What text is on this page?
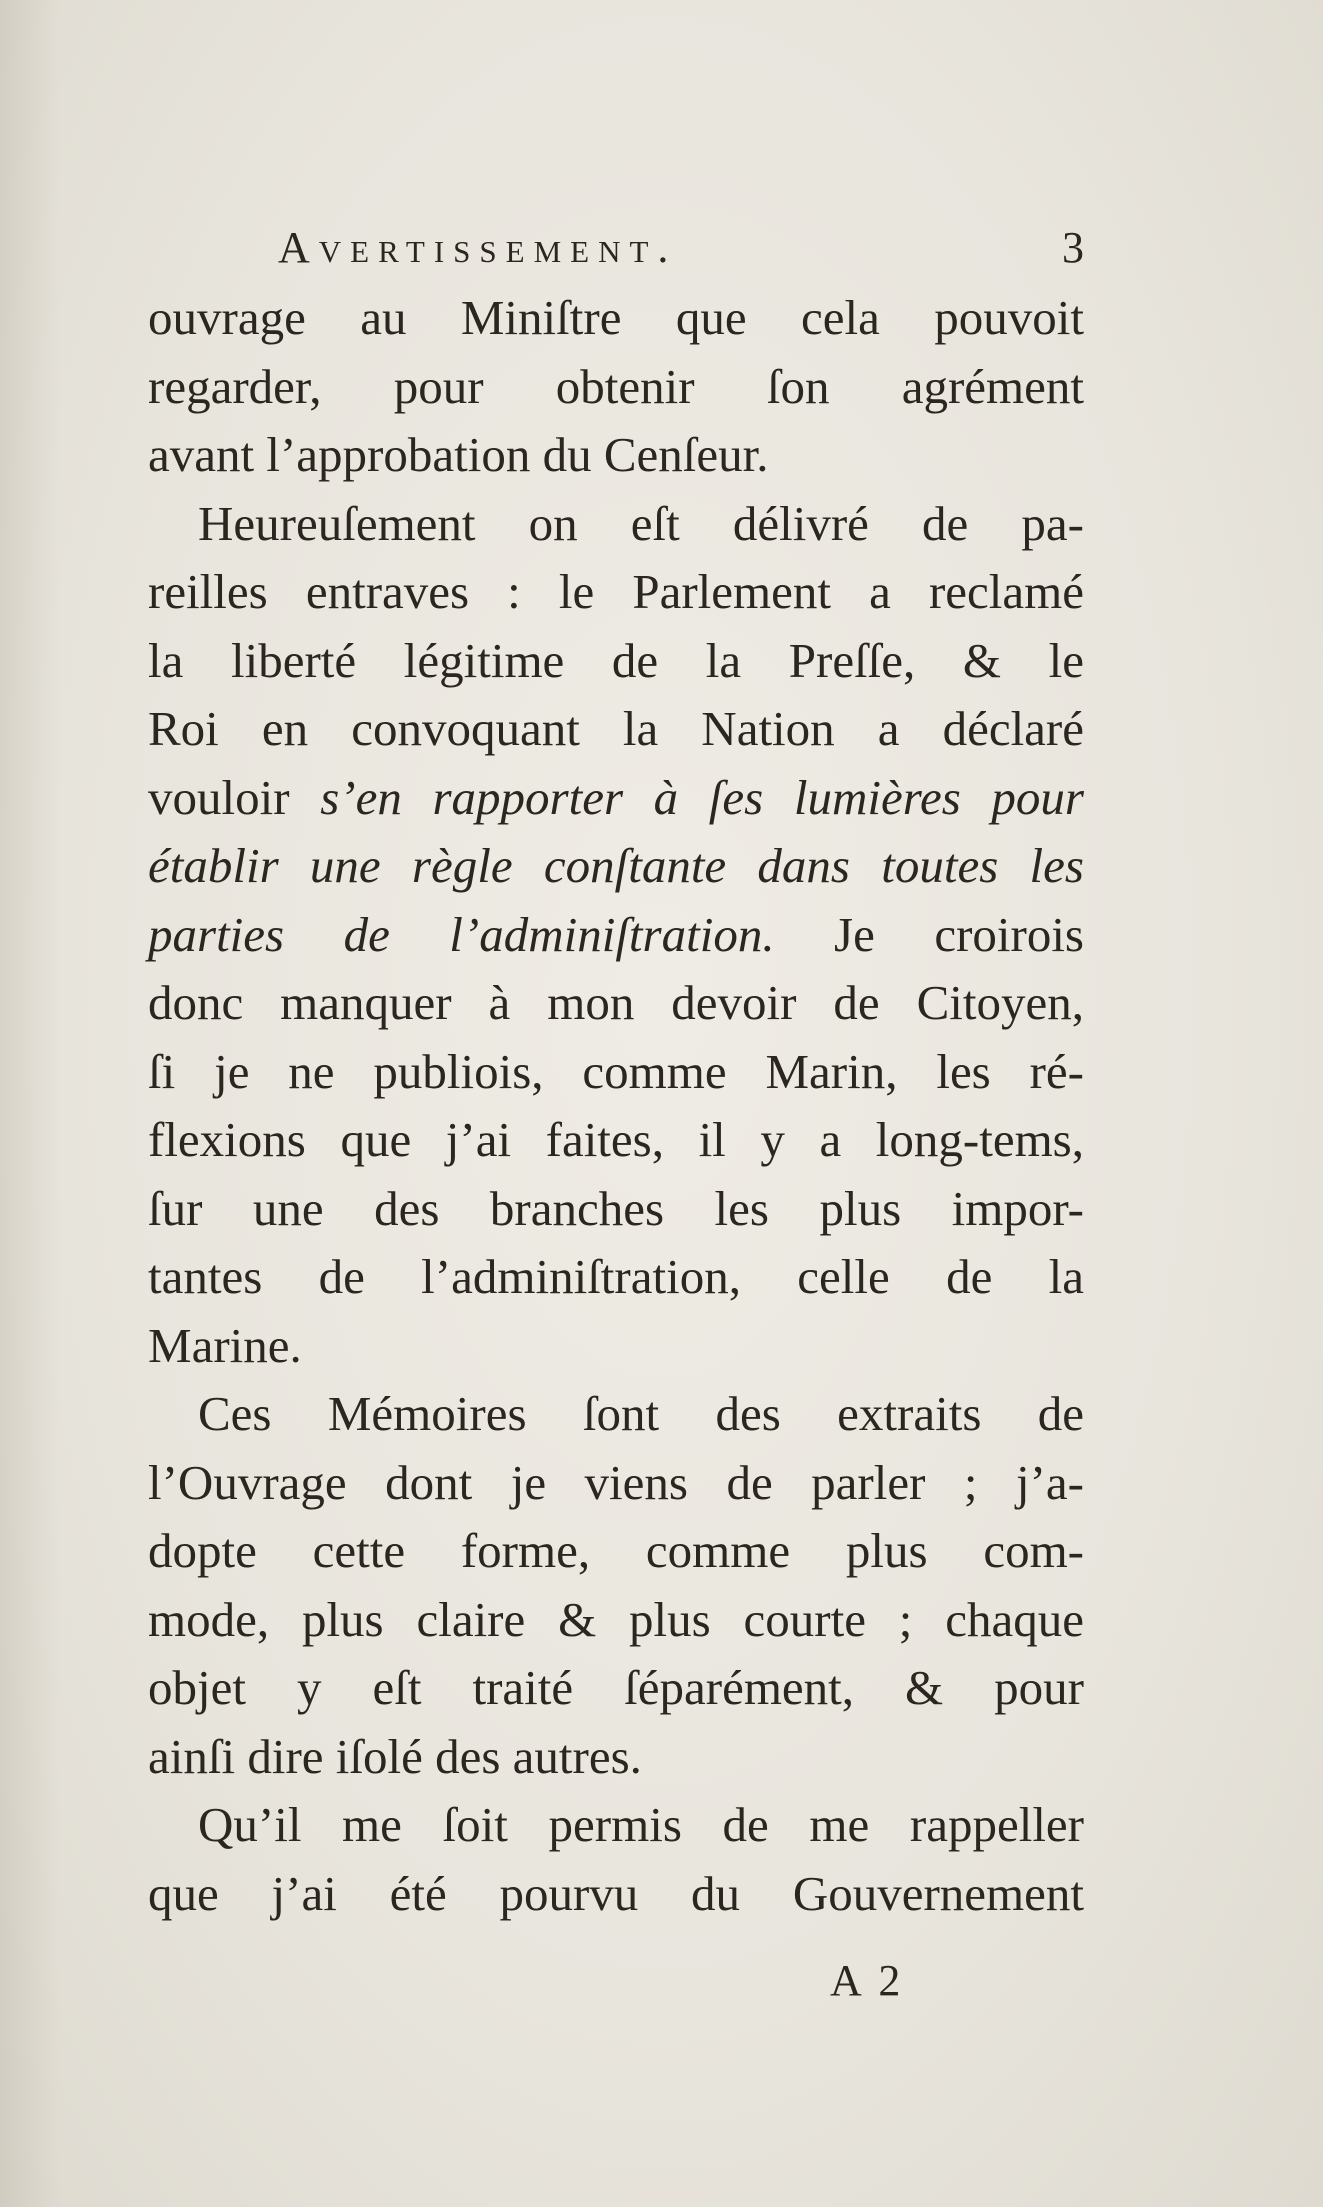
Avertissement.	3
ouvrage au Miniſtre que cela pouvoit
regarder, pour obtenir ſon agrément
avant l’approbation du Cenſeur.
Heureuſement on eſt délivré de pa-
reilles entraves : le Parlement a reclamé
la liberté légitime de la Preſſe, & le
Roi en convoquant la Nation a déclaré
vouloir s’en rapporter à ſes lumières pour
établir une règle conſtante dans toutes les
parties de l’adminiſtration. Je croirois
donc manquer à mon devoir de Citoyen,
ſi je ne publiois, comme Marin, les ré-
flexions que j’ai faites, il y a long-tems,
ſur une des branches les plus impor-
tantes de l’adminiſtration, celle de la
Marine.
Ces Mémoires ſont des extraits de
l’Ouvrage dont je viens de parler ; j’a-
dopte cette forme, comme plus com-
mode, plus claire & plus courte ; chaque
objet y eſt traité ſéparément, & pour
ainſi dire iſolé des autres.
Qu’il me ſoit permis de me rappeller
que j’ai été pourvu du Gouvernement
A 2
